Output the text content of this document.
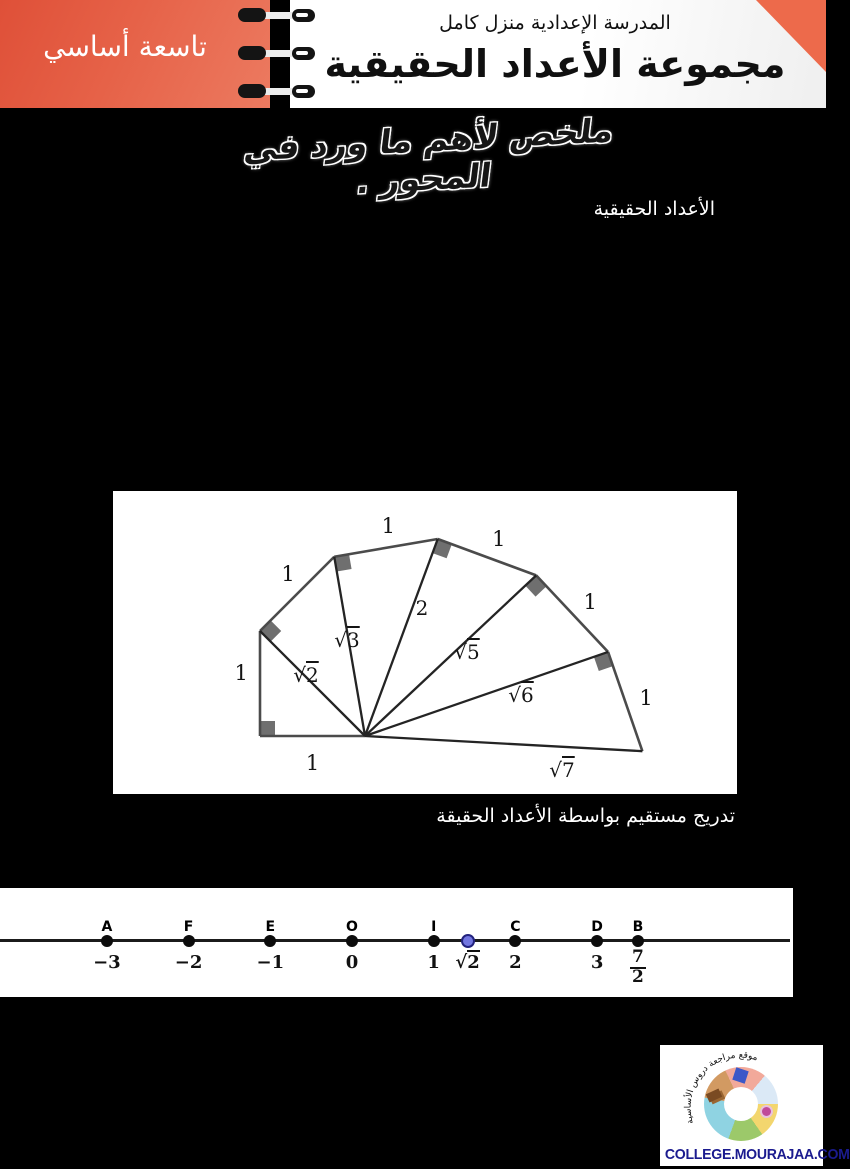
تاسعة أساسي
المدرسة الإعدادية منزل كامل
مجموعة الأعداد الحقيقية
ملخص لأهم ما ورد في المحور .
الأعداد الحقيقية
1
1
1
1
1
1
1
√2
√3
2
√5
√6
√7
تدريج مستقيم بواسطة الأعداد الحقيقة
A
−3
F
−2
E
−1
O
0
I
1 √2
C
2
D
3
B
$\frac{7}{2}$
موقع مراجعة دروس الأساسية
COLLEGE.MOURAJAA.COM
